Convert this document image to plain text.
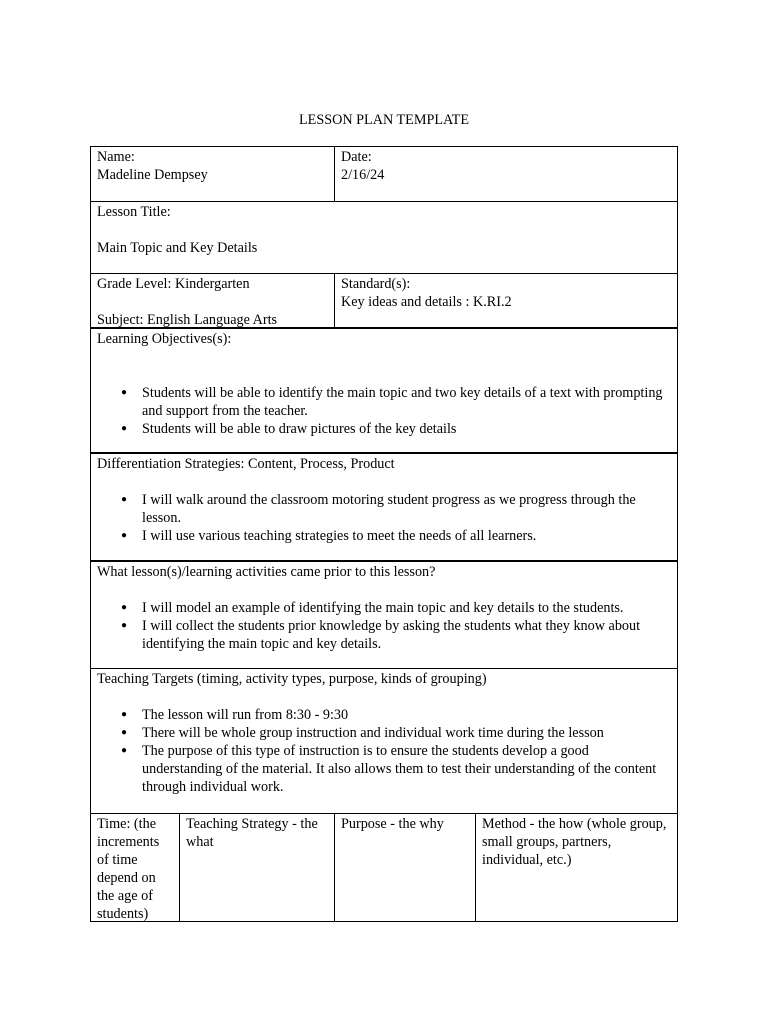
LESSON PLAN TEMPLATE

Name:

Madeline Dempsey

Date:

2/16/24

Lesson Title:

Main Topic and Key Details

Grade Level: Kindergarten

Subject: English Language Arts

Standard(s):

Key ideas and details : K.RI.2

Learning Objectives(s):

● Students will be able to identify the main topic and two key details of a text with prompting and support from the teacher.
● Students will be able to draw pictures of the key details

Differentiation Strategies: Content, Process, Product

● I will walk around the classroom motoring student progress as we progress through the lesson.
● I will use various teaching strategies to meet the needs of all learners.

What lesson(s)/learning activities came prior to this lesson?

● I will model an example of identifying the main topic and key details to the students.
● I will collect the students prior knowledge by asking the students what they know about identifying the main topic and key details.

Teaching Targets (timing, activity types, purpose, kinds of grouping)

● The lesson will run from 8:30 - 9:30
● There will be whole group instruction and individual work time during the lesson
● The purpose of this type of instruction is to ensure the students develop a good understanding of the material. It also allows them to test their understanding of the content through individual work.
Time: (the increments of time depend on the age of students)
Teaching Strategy - the what
Purpose - the why	Method - the how (whole group, small groups, partners, individual, etc.)
